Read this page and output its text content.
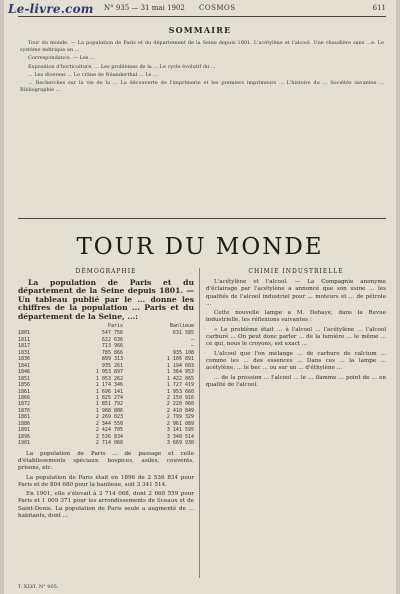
Le-livre.com N° 935 — 31 mai 1902 COSMOS	611
SOMMAIRE

Tour du monde. — La population de Paris et du département de la Seine depuis 1801. L'acétylène et l'alcool. Une chaudière sans ...e. Le système métrique en ...

Correspondance. — Les ...

Exposition d'horticulture, ... Les problèmes de la ... Le cycle évolutif du ...

... Les diverses ... Le crâne de Néanderthal ... Le ...

... Recherches sur la vie de la ... La découverte de l'imprimerie et les premiers imprimeurs ... L'histoire du ... Sociétés savantes ... Bibliographie ...

TOUR DU MONDE
DÉMOGRAPHIE

La population de Paris et du département de la Seine depuis 1801. — Un tableau publié par le ... donne les chiffres de la population ... Paris et du département de la Seine, ...:

	Paris	Banlieue
1801	547 756	631 585
1811	622 636	—
1817	713 966	—
1831	785 866	935 108
1836	899 313	1 106 891
1841	935 261	1 194 603
1846	1 053 897	1 364 953
1851	1 053 262	1 422 065
1856	1 174 346	1 727 419
1861	1 696 141	1 953 660
1866	1 825 274	2 150 916
1872	1 851 792	2 220 060
1876	1 988 806	2 410 849
1881	2 269 023	2 799 329
1886	2 344 550	2 961 089
1891	2 424 705	3 141 595
1896	2 536 834	3 340 514
1901	2 714 068	3 669 930

La population de Paris ... de passage et celle d'établissements spéciaux: hospices, asiles, couvents, prisons, etc.

La population de Paris était en 1896 de 2 536 834 pour Paris et de 804 680 pour la banlieue, soit 3 341 514.

En 1901, elle s'élevait à 2 714 068, dont 2 660 559 pour Paris et 1 009 371 pour les arrondissements de Sceaux et de Saint-Denis. La population de Paris seule a augmenté de ... habitants, dont ...

CHIMIE INDUSTRIELLE

L'acétylène et l'alcool. — La Compagnie anonyme d'éclairage par l'acétylène a annoncé que son usine ... les qualités de l'alcool industriel pour ... moteurs et ... de pétrole ...

Cette nouvelle lampe a M. Dehaye, dans la Revue industrielle, les réflexions suivantes :

« Le problème était ... à l'alcool ... l'acétylène ... l'alcool carburé ... On peut donc parler ... de la lumière ... le même ... ce qui, nous le croyons, est exact ...

L'alcool que l'on mélange ... de carbure de calcium ... comme les ... des essences ... Dans ces ... la lampe ... acétylène, ... le bec ... ou sur un ... d'éthylène ...

... de la pression ... l'alcool ... le ... flamme ... point de ... en qualité de l'alcool.

T. XLVI. N° 905.
